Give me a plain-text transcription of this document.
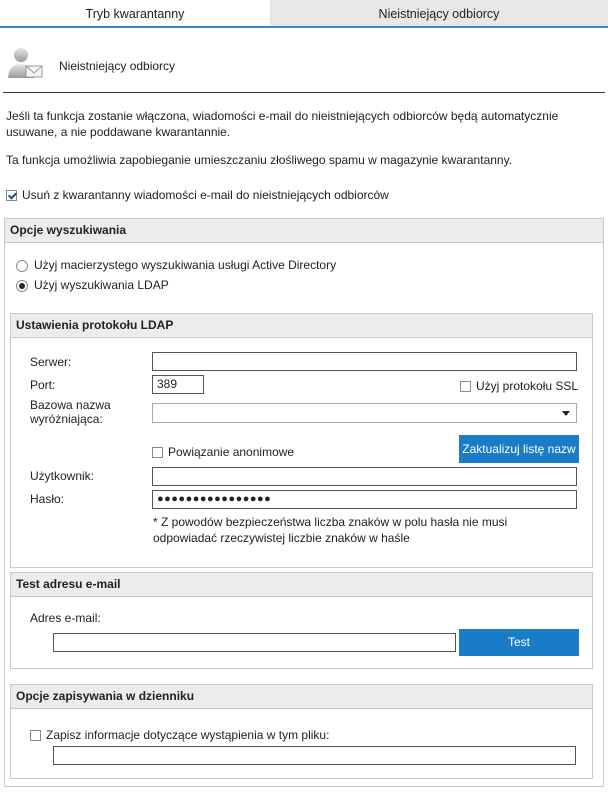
Tryb kwarantanny	Nieistniejący odbiorcy
Nieistniejący odbiorcy
Jeśli ta funkcja zostanie włączona, wiadomości e-mail do nieistniejących odbiorców będą automatycznie usuwane, a nie poddawane kwarantannie.
Ta funkcja umożliwia zapobieganie umieszczaniu złośliwego spamu w magazynie kwarantanny.
Usuń z kwarantanny wiadomości e-mail do nieistniejących odbiorców
Opcje wyszukiwania
Użyj macierzystego wyszukiwania usługi Active Directory
Użyj wyszukiwania LDAP
Ustawienia protokołu LDAP
Serwer:
Port:	389	Użyj protokołu SSL
Bazowa nazwa wyróżniająca:
Powiązanie anonimowe	Zaktualizuj listę nazw
Użytkownik:
Hasło:	●●●●●●●●●●●●●●●●
* Z powodów bezpieczeństwa liczba znaków w polu hasła nie musi odpowiadać rzeczywistej liczbie znaków w haśle
Test adresu e-mail
Adres e-mail:
Test
Opcje zapisywania w dzienniku
Zapisz informacje dotyczące wystąpienia w tym pliku:
